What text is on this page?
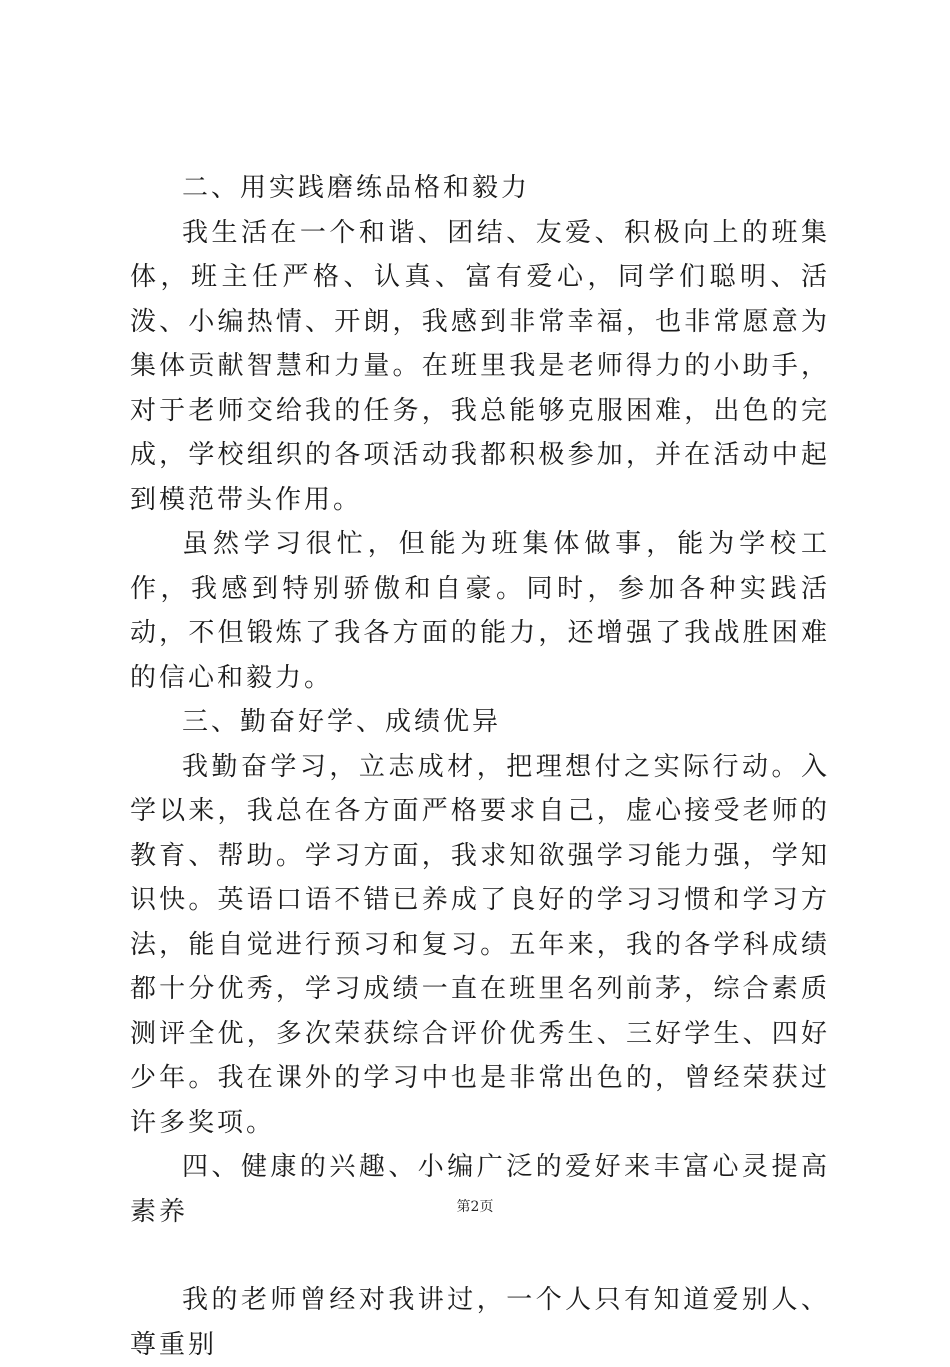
二、用实践磨练品格和毅力

我生活在一个和谐、团结、友爱、积极向上的班集体，班主任严格、认真、富有爱心，同学们聪明、活泼、小编热情、开朗，我感到非常幸福，也非常愿意为集体贡献智慧和力量。在班里我是老师得力的小助手，对于老师交给我的任务，我总能够克服困难，出色的完成，学校组织的各项活动我都积极参加，并在活动中起到模范带头作用。

虽然学习很忙，但能为班集体做事，能为学校工作，我感到特别骄傲和自豪。同时，参加各种实践活动，不但锻炼了我各方面的能力，还增强了我战胜困难的信心和毅力。

三、勤奋好学、成绩优异

我勤奋学习，立志成材，把理想付之实际行动。入学以来，我总在各方面严格要求自己，虚心接受老师的教育、帮助。学习方面，我求知欲强学习能力强，学知识快。英语口语不错已养成了良好的学习习惯和学习方法，能自觉进行预习和复习。五年来，我的各学科成绩都十分优秀，学习成绩一直在班里名列前茅，综合素质测评全优，多次荣获综合评价优秀生、三好学生、四好少年。我在课外的学习中也是非常出色的，曾经荣获过许多奖项。

四、健康的兴趣、小编广泛的爱好来丰富心灵提高素养

我的老师曾经对我讲过，一个人只有知道爱别人、尊重别

第2页
